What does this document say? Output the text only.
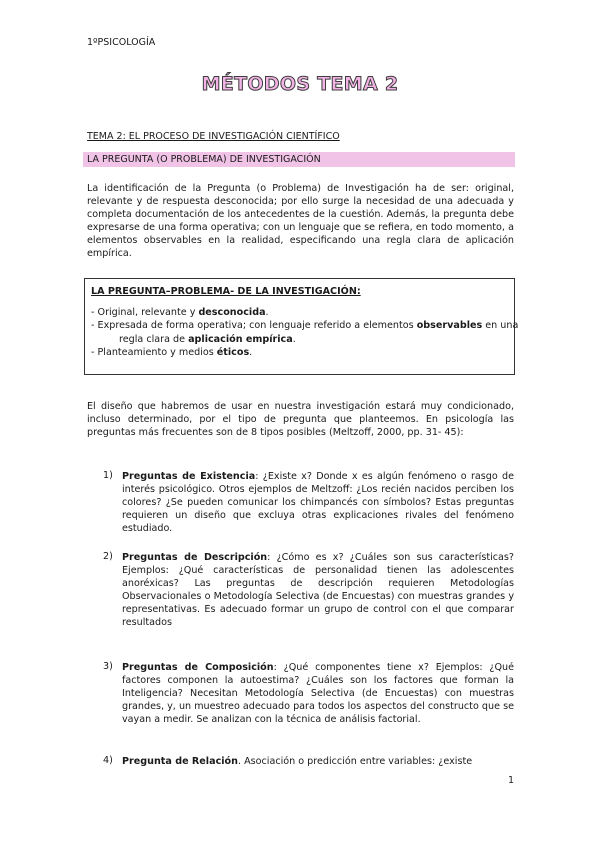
1ºPSICOLOGÍA
MÉTODOS TEMA 2
TEMA 2: EL PROCESO DE INVESTIGACIÓN CIENTÍFICO
LA PREGUNTA (O PROBLEMA) DE INVESTIGACIÓN
La identificación de la Pregunta (o Problema) de Investigación ha de ser: original, relevante y de respuesta desconocida; por ello surge la necesidad de una adecuada y completa documentación de los antecedentes de la cuestión. Además, la pregunta debe expresarse de una forma operativa; con un lenguaje que se refiera, en todo momento, a elementos observables en la realidad, especificando una regla clara de aplicación empírica.
LA PREGUNTA–PROBLEMA- DE LA INVESTIGACIÓN:
- Original, relevante y desconocida.
- Expresada de forma operativa; con lenguaje referido a elementos observables en una
regla clara de aplicación empírica.
- Planteamiento y medios éticos.
El diseño que habremos de usar en nuestra investigación estará muy condicionado, incluso determinado, por el tipo de pregunta que planteemos. En psicología las preguntas más frecuentes son de 8 tipos posibles (Meltzoff, 2000, pp. 31- 45):
1) Preguntas de Existencia: ¿Existe x? Donde x es algún fenómeno o rasgo de interés psicológico. Otros ejemplos de Meltzoff: ¿Los recién nacidos perciben los colores? ¿Se pueden comunicar los chimpancés con símbolos? Estas preguntas requieren un diseño que excluya otras explicaciones rivales del fenómeno estudiado.
2) Preguntas de Descripción: ¿Cómo es x? ¿Cuáles son sus características? Ejemplos: ¿Qué características de personalidad tienen las adolescentes anoréxicas? Las preguntas de descripción requieren Metodologías Observacionales o Metodología Selectiva (de Encuestas) con muestras grandes y representativas. Es adecuado formar un grupo de control con el que comparar resultados
3) Preguntas de Composición: ¿Qué componentes tiene x? Ejemplos: ¿Qué factores componen la autoestima? ¿Cuáles son los factores que forman la Inteligencia? Necesitan Metodología Selectiva (de Encuestas) con muestras grandes, y, un muestreo adecuado para todos los aspectos del constructo que se vayan a medir. Se analizan con la técnica de análisis factorial.
4) Pregunta de Relación. Asociación o predicción entre variables: ¿existe
1
